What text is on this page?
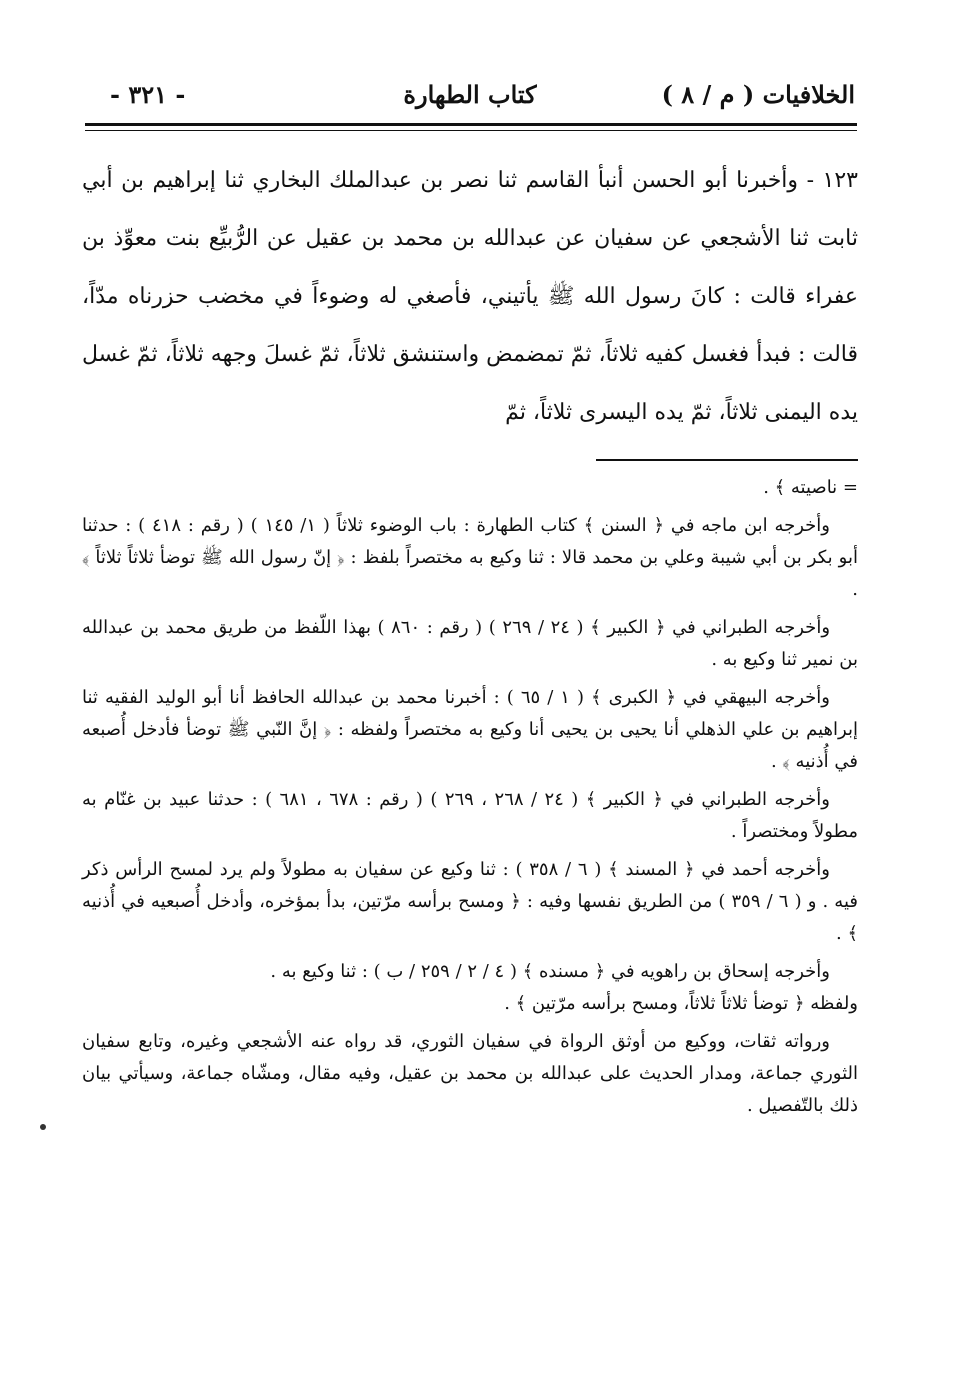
الخلافيات ( م / ٨ )
كتاب الطهارة
- ٣٢١ -

١٢٣ - وأخبرنا أبو الحسن أنبأ القاسم ثنا نصر بن عبدالملك البخاري ثنا إبراهيم بن أبي ثابت ثنا الأشجعي عن سفيان عن عبدالله بن محمد بن عقيل عن الرُّبيِّع بنت معوِّذ بن عفراء قالت : كانَ رسول الله ﷺ يأتيني، فأصغي له وضوءاً في مخضب حزرناه مدّاً، قالت : فبدأ فغسل كفيه ثلاثاً، ثمّ تمضمض واستنشق ثلاثاً، ثمّ غسلَ وجهه ثلاثاً، ثمّ غسل يده اليمنى ثلاثاً، ثمّ يده اليسرى ثلاثاً، ثمّ

= ناصيته ﴾ .

وأخرجه ابن ماجه في ﴿ السنن ﴾ كتاب الطهارة : باب الوضوء ثلاثاً ( ١/ ١٤٥ ) ( رقم : ٤١٨ ) : حدثنا أبو بكر بن أبي شيبة وعلي بن محمد قالا : ثنا وكيع به مختصراً بلفظ : ﴿ إنّ رسول الله ﷺ توضأ ثلاثاً ثلاثاً ﴾ .

وأخرجه الطبراني في ﴿ الكبير ﴾ ( ٢٤ / ٢٦٩ ) ( رقم : ٨٦٠ ) بهذا اللّفظ من طريق محمد بن عبدالله بن نمير ثنا وكيع به .

وأخرجه البيهقي في ﴿ الكبرى ﴾ ( ١ / ٦٥ ) : أخبرنا محمد بن عبدالله الحافظ أنا أبو الوليد الفقيه ثنا إبراهيم بن علي الذهلي أنا يحيى بن يحيى أنا وكيع به مختصراً ولفظه : ﴿ إنَّ النّبي ﷺ توضأ فأدخل أُصبعه في أُذنيه ﴾ .

وأخرجه الطبراني في ﴿ الكبير ﴾ ( ٢٤ / ٢٦٨ ، ٢٦٩ ) ( رقم : ٦٧٨ ، ٦٨١ ) : حدثنا عبيد بن غنّام به مطولاً ومختصراً .

وأخرجه أحمد في ﴿ المسند ﴾ ( ٦ / ٣٥٨ ) : ثنا وكيع عن سفيان به مطولاً ولم يرد لمسح الرأس ذكر فيه . و ( ٦ / ٣٥٩ ) من الطريق نفسها وفيه : ﴿ ومسح برأسه مرّتين، بدأ بمؤخره، وأدخل أُصبعيه في أُذنيه ﴾ .

وأخرجه إسحاق بن راهويه في ﴿ مسنده ﴾ ( ٤ / ٢ / ٢٥٩ / ب ) : ثنا وكيع به .

ولفظه ﴿ توضأ ثلاثاً ثلاثاً، ومسح برأسه مرّتين ﴾ .

ورواته ثقات، ووكيع من أوثق الرواة في سفيان الثوري، قد رواه عنه الأشجعي وغيره، وتابع سفيان الثوري جماعة، ومدار الحديث على عبدالله بن محمد بن عقيل، وفيه مقال، ومشّاه جماعة، وسيأتي بيان ذلك بالتّفصيل .
